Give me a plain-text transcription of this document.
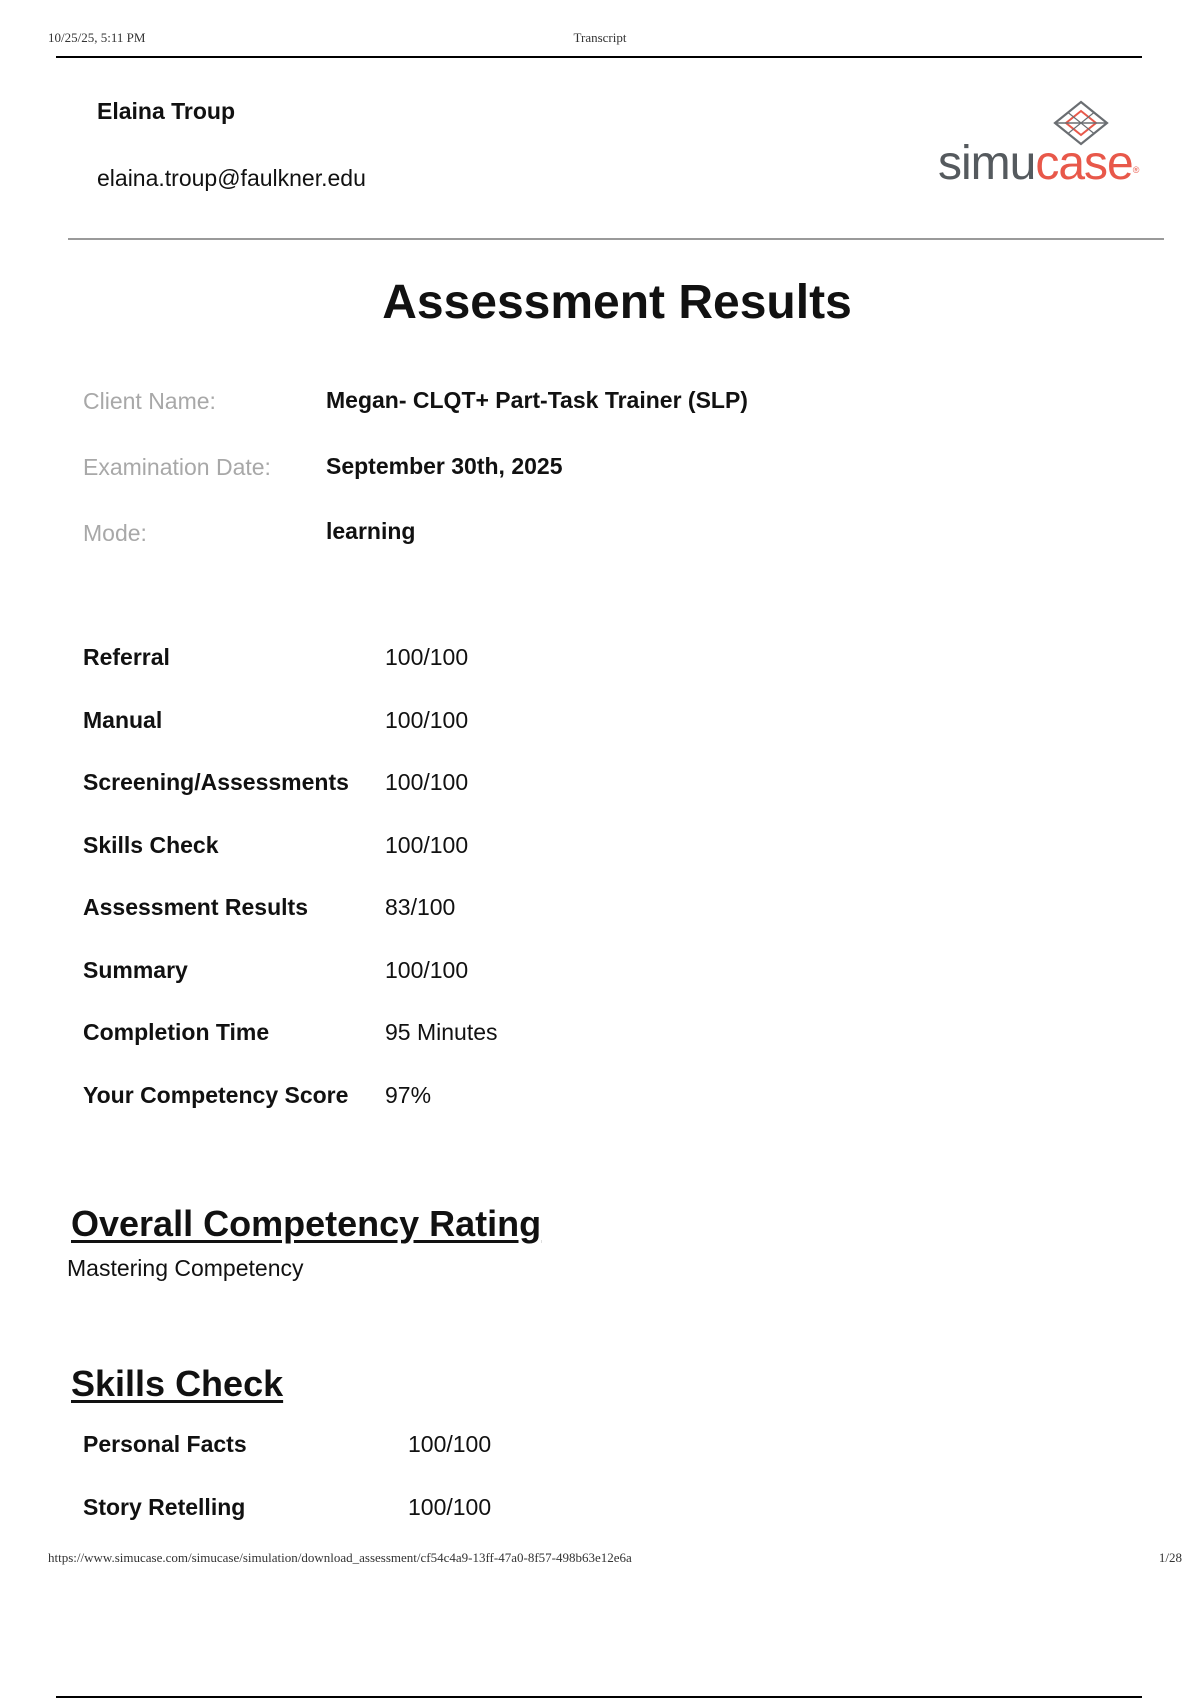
10/25/25, 5:11 PM	Transcript
Elaina Troup
elaina.troup@faulkner.edu	simucase®
Assessment Results
Client Name:	Megan- CLQT+ Part-Task Trainer (SLP)
Examination Date: September 30th, 2025
Mode:	learning
Referral	100/100
Manual	100/100
Screening/Assessments 100/100
Skills Check	100/100
Assessment Results	83/100
Summary	100/100
Completion Time	95 Minutes
Your Competency Score 97%
Overall Competency Rating
Mastering Competency
Skills Check
Personal Facts	100/100
Story Retelling	100/100
https://www.simucase.com/simucase/simulation/download_assessment/cf54c4a9-13ff-47a0-8f57-498b63e12e6a	1/28
